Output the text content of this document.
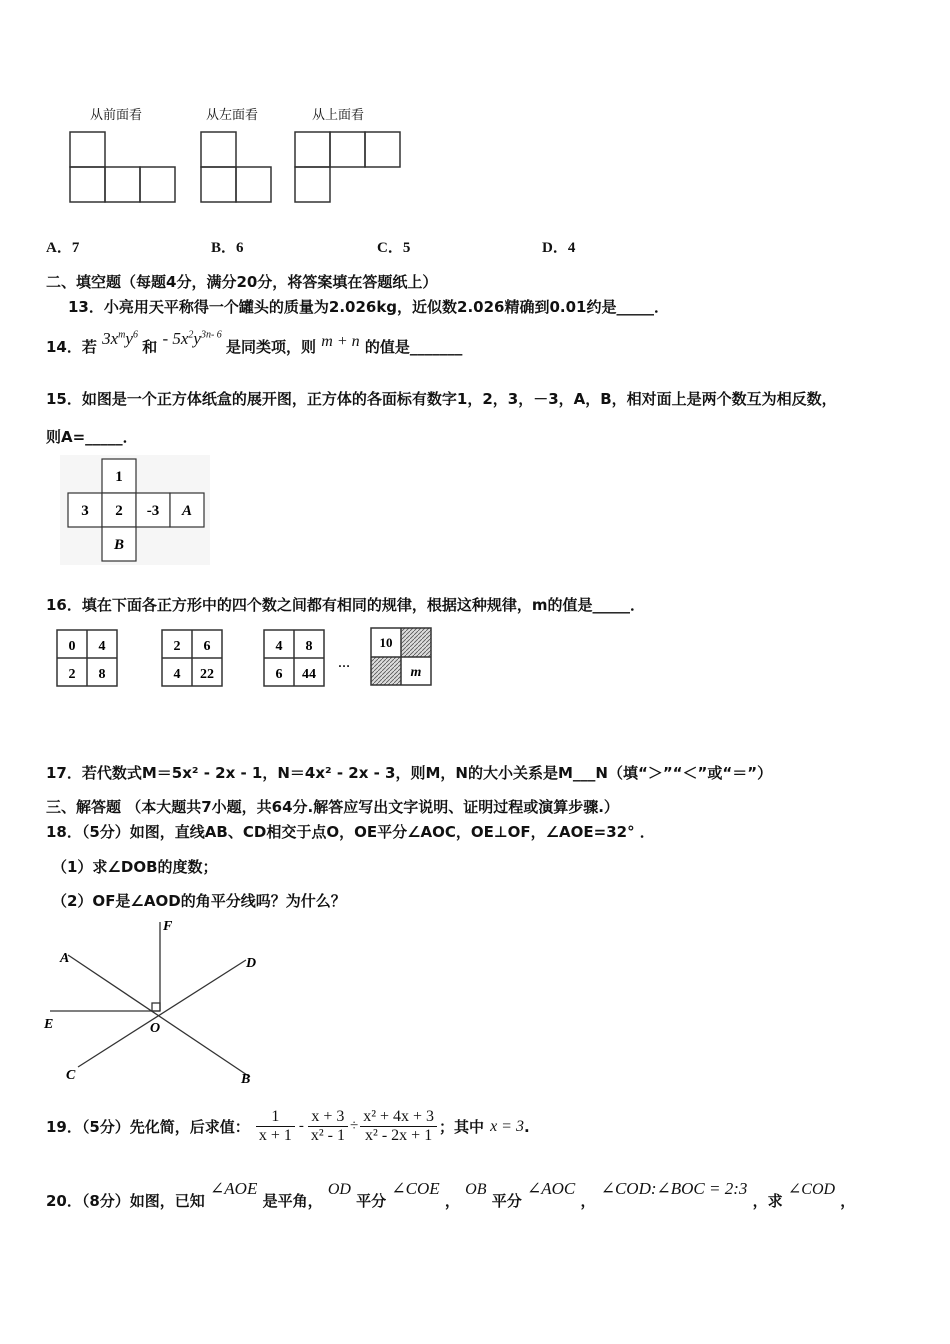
从前面看	从左面看	从上面看
A．7	B．6	C．5	D．4
二、填空题（每题4分，满分20分，将答案填在答题纸上）
13．小亮用天平称得一个罐头的质量为2.026kg，近似数2.026精确到0.01约是_____．
14．若 $3x^my^6$ 和 - $5x^2y^{3n- 6}$ 是同类项，则 m + n 的值是_______
15．如图是一个正方体纸盒的展开图，正方体的各面标有数字1，2，3，－3，A，B，相对面上是两个数互为相反数，
则A=_____．
1
3 2 -3 A
B
16．填在下面各正方形中的四个数之间都有相同的规律，根据这种规律，m的值是_____．
0 4
2 8
2 6
4 22
4 8
6 44
…
10
m
17．若代数式M＝5x² - 2x - 1，N＝4x² - 2x - 3，则M，N的大小关系是M___N（填“＞”“＜”或“＝”）
三、解答题 （本大题共7小题，共64分.解答应写出文字说明、证明过程或演算步骤.）
18．（5分）如图，直线AB、CD相交于点O，OE平分∠AOC，OE⊥OF，∠AOE=32° ．
（1）求∠DOB的度数；
（2）OF是∠AOD的角平分线吗？为什么？
F
A	D
E	O
C	B
19．（5分）先化简，后求值： $\frac{1}{x + 1} - \frac{x + 3}{\text{x² - 1}} \div \frac{\text{x² + 4x + 3}}{\text{x² - 2x + 1}}$ ；其中 x = 3 .
20．（8分）如图，已知 ∠AOE 是平角， OD 平分 ∠COE ， OB 平分 ∠AOC ， ∠COD:∠BOC = 2:3 ，求 ∠COD ，
